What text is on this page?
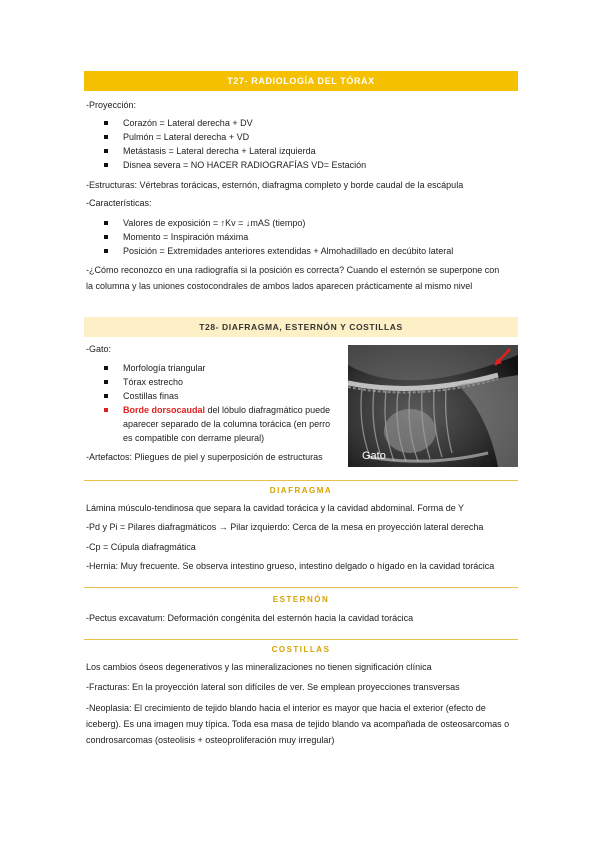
T27- RADIOLOGÍA DEL TÓRAX
-Proyección:
Corazón = Lateral derecha + DV
Pulmón = Lateral derecha + VD
Metástasis = Lateral derecha + Lateral izquierda
Disnea severa = NO HACER RADIOGRAFÍAS VD= Estación
-Estructuras: Vértebras torácicas, esternón, diafragma completo y borde caudal de la escápula
-Características:
Valores de exposición = ↑Kv = ↓mAS (tiempo)
Momento = Inspiración máxima
Posición = Extremidades anteriores extendidas + Almohadillado en decúbito lateral
-¿Cómo reconozco en una radiografía si la posición es correcta? Cuando el esternón se superpone con
la columna y las uniones costocondrales de ambos lados aparecen prácticamente al mismo nivel
T28- DIAFRAGMA, ESTERNÓN Y COSTILLAS
-Gato:
Morfología triangular
Tórax estrecho
Costillas finas
Borde dorsocaudal del lóbulo diafragmático puede
aparecer separado de la columna torácica (en perro
es compatible con derrame pleural)
-Artefactos: Pliegues de piel y superposición de estructuras	Gato
DIAFRAGMA
Lámina músculo-tendinosa que separa la cavidad torácica y la cavidad abdominal. Forma de Y
-Pd y Pi = Pilares diafragmáticos → Pilar izquierdo: Cerca de la mesa en proyección lateral derecha
-Cp = Cúpula diafragmática
-Hernia: Muy frecuente. Se observa intestino grueso, intestino delgado o hígado en la cavidad torácica
ESTERNÓN
-Pectus excavatum: Deformación congénita del esternón hacia la cavidad torácica
COSTILLAS
Los cambios óseos degenerativos y las mineralizaciones no tienen significación clínica
-Fracturas: En la proyección lateral son difíciles de ver. Se emplean proyecciones transversas
-Neoplasia: El crecimiento de tejido blando hacia el interior es mayor que hacia el exterior (efecto de iceberg). Es una imagen muy típica. Toda esa masa de tejido blando va acompañada de osteosarcomas o condrosarcomas (osteolisis + osteoproliferación muy irregular)
